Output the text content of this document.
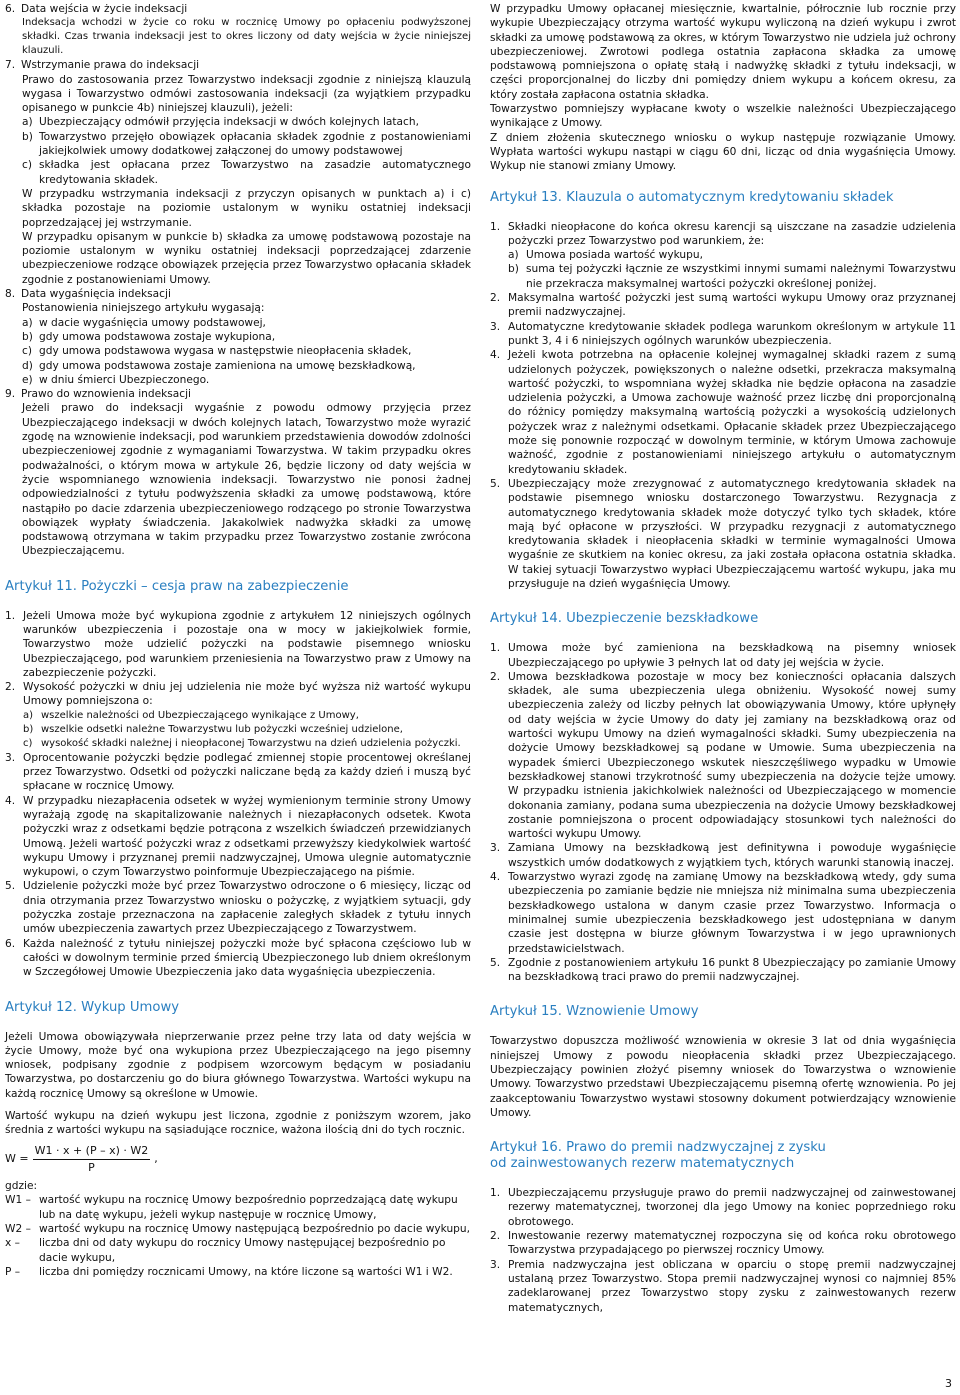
6. Data wejścia w życie indeksacji

Indeksacja wchodzi w życie co roku w rocznicę Umowy po opłaceniu podwyższonej składki. Czas trwania indeksacji jest to okres liczony od daty wejścia w życie niniejszej klauzuli.

7. Wstrzymanie prawa do indeksacji

Prawo do zastosowania przez Towarzystwo indeksacji zgodnie z niniejszą klauzulą wygasa i Towarzystwo odmówi zastosowania indeksacji (za wyjątkiem przypadku opisanego w punkcie 4b) niniejszej klauzuli), jeżeli:

a) Ubezpieczający odmówił przyjęcia indeksacji w dwóch kolejnych latach,
b) Towarzystwo przejęło obowiązek opłacania składek zgodnie z postanowieniami jakiejkolwiek umowy dodatkowej załączonej do umowy podstawowej
c) składka jest opłacana przez Towarzystwo na zasadzie automatycznego kredytowania składek.

W przypadku wstrzymania indeksacji z przyczyn opisanych w punktach a) i c) składka pozostaje na poziomie ustalonym w wyniku ostatniej indeksacji poprzedzającej jej wstrzymanie.

W przypadku opisanym w punkcie b) składka za umowę podstawową pozostaje na poziomie ustalonym w wyniku ostatniej indeksacji poprzedzającej zdarzenie ubezpieczeniowe rodzące obowiązek przejęcia przez Towarzystwo opłacania składek zgodnie z postanowieniami Umowy.

8. Data wygaśnięcia indeksacji

Postanowienia niniejszego artykułu wygasają:

a) w dacie wygaśnięcia umowy podstawowej,
b) gdy umowa podstawowa zostaje wykupiona,
c) gdy umowa podstawowa wygasa w następstwie nieopłacenia składek,
d) gdy umowa podstawowa zostaje zamieniona na umowę bezskładkową,
e) w dniu śmierci Ubezpieczonego.
9. Prawo do wznowienia indeksacji

Jeżeli prawo do indeksacji wygaśnie z powodu odmowy przyjęcia przez Ubezpieczającego indeksacji w dwóch kolejnych latach, Towarzystwo może wyrazić zgodę na wznowienie indeksacji, pod warunkiem przedstawienia dowodów zdolności ubezpieczeniowej zgodnie z wymaganiami Towarzystwa. W takim przypadku okres podważalności, o którym mowa w artykule 26, będzie liczony od daty wejścia w życie wspomnianego wznowienia indeksacji. Towarzystwo nie ponosi żadnej odpowiedzialności z tytułu podwyższenia składki za umowę podstawową, które nastąpiło po dacie zdarzenia ubezpieczeniowego rodzącego po stronie Towarzystwa obowiązek wypłaty świadczenia. Jakakolwiek nadwyżka składki za umowę podstawową otrzymana w takim przypadku przez Towarzystwo zostanie zwrócona Ubezpieczającemu.

Artykuł 11. Pożyczki – cesja praw na zabezpieczenie
1. Jeżeli Umowa może być wykupiona zgodnie z artykułem 12 niniejszych ogólnych warunków ubezpieczenia i pozostaje ona w mocy w jakiejkolwiek formie, Towarzystwo może udzielić pożyczki na podstawie pisemnego wniosku Ubezpieczającego, pod warunkiem przeniesienia na Towarzystwo praw z Umowy na zabezpieczenie pożyczki.
2. Wysokość pożyczki w dniu jej udzielenia nie może być wyższa niż wartość wykupu Umowy pomniejszona o:
a) wszelkie należności od Ubezpieczającego wynikające z Umowy,
b) wszelkie odsetki należne Towarzystwu lub pożyczki wcześniej udzielone,
c) wysokość składki należnej i nieopłaconej Towarzystwu na dzień udzielenia pożyczki.
3. Oprocentowanie pożyczki będzie podlegać zmiennej stopie procentowej określanej przez Towarzystwo. Odsetki od pożyczki naliczane będą za każdy dzień i muszą być spłacane w rocznicę Umowy.
4. W przypadku niezapłacenia odsetek w wyżej wymienionym terminie strony Umowy wyrażają zgodę na skapitalizowanie należnych i niezapłaconych odsetek. Kwota pożyczki wraz z odsetkami będzie potrącona z wszelkich świadczeń przewidzianych Umową. Jeżeli wartość pożyczki wraz z odsetkami przewyższy kiedykolwiek wartość wykupu Umowy i przyznanej premii nadzwyczajnej, Umowa ulegnie automatycznie wykupowi, o czym Towarzystwo poinformuje Ubezpieczającego na piśmie.
5. Udzielenie pożyczki może być przez Towarzystwo odroczone o 6 miesięcy, licząc od dnia otrzymania przez Towarzystwo wniosku o pożyczkę, z wyjątkiem sytuacji, gdy pożyczka zostaje przeznaczona na zapłacenie zaległych składek z tytułu innych umów ubezpieczenia zawartych przez Ubezpieczającego z Towarzystwem.
6. Każda należność z tytułu niniejszej pożyczki może być spłacona częściowo lub w całości w dowolnym terminie przed śmiercią Ubezpieczonego lub dniem określonym w Szczegółowej Umowie Ubezpieczenia jako data wygaśnięcia ubezpieczenia.
Artykuł 12. Wykup Umowy

Jeżeli Umowa obowiązywała nieprzerwanie przez pełne trzy lata od daty wejścia w życie Umowy, może być ona wykupiona przez Ubezpieczającego na jego pisemny wniosek, podpisany zgodnie z podpisem wzorcowym będącym w posiadaniu Towarzystwa, po dostarczeniu go do biura głównego Towarzystwa. Wartości wykupu na każdą rocznicę Umowy są określone w Umowie.

Wartość wykupu na dzień wykupu jest liczona, zgodnie z poniższym wzorem, jako średnia z wartości wykupu na sąsiadujące rocznice, ważona ilością dni do tych rocznic.

$W = \frac{W1 \cdot x + (P - x) \cdot W2}{P}$ ,

gdzie:

W1 – wartość wykupu na rocznicę Umowy bezpośrednio poprzedzającą datę wykupu lub na datę wykupu, jeżeli wykup następuje w rocznicę Umowy,
W2 – wartość wykupu na rocznicę Umowy następującą bezpośrednio po dacie wykupu,
x –	liczba dni od daty wykupu do rocznicy Umowy następującej bezpośrednio po dacie wykupu,
P –	liczba dni pomiędzy rocznicami Umowy, na które liczone są wartości W1 i W2.

W przypadku Umowy opłacanej miesięcznie, kwartalnie, półrocznie lub rocznie przy wykupie Ubezpieczający otrzyma wartość wykupu wyliczoną na dzień wykupu i zwrot składki za umowę podstawową za okres, w którym Towarzystwo nie udziela już ochrony ubezpieczeniowej. Zwrotowi podlega ostatnia zapłacona składka za umowę podstawową pomniejszona o opłatę stałą i nadwyżkę składki z tytułu indeksacji, w części proporcjonalnej do liczby dni pomiędzy dniem wykupu a końcem okresu, za który została zapłacona ostatnia składka.

Towarzystwo pomniejszy wypłacane kwoty o wszelkie należności Ubezpieczającego wynikające z Umowy.

Z dniem złożenia skutecznego wniosku o wykup następuje rozwiązanie Umowy. Wypłata wartości wykupu nastąpi w ciągu 60 dni, licząc od dnia wygaśnięcia Umowy. Wykup nie stanowi zmiany Umowy.

Artykuł 13. Klauzula o automatycznym kredytowaniu składek
1. Składki nieopłacone do końca okresu karencji są uiszczane na zasadzie udzielenia pożyczki przez Towarzystwo pod warunkiem, że:
a) Umowa posiada wartość wykupu,
b) suma tej pożyczki łącznie ze wszystkimi innymi sumami należnymi Towarzystwu nie przekracza maksymalnej wartości pożyczki określonej poniżej.
2. Maksymalna wartość pożyczki jest sumą wartości wykupu Umowy oraz przyznanej premii nadzwyczajnej.
3. Automatyczne kredytowanie składek podlega warunkom określonym w artykule 11 punkt 3, 4 i 6 niniejszych ogólnych warunków ubezpieczenia.
4. Jeżeli kwota potrzebna na opłacenie kolejnej wymagalnej składki razem z sumą udzielonych pożyczek, powiększonych o należne odsetki, przekracza maksymalną wartość pożyczki, to wspomniana wyżej składka nie będzie opłacona na zasadzie udzielenia pożyczki, a Umowa zachowuje ważność przez liczbę dni proporcjonalną do różnicy pomiędzy maksymalną wartością pożyczki a wysokością udzielonych pożyczek wraz z należnymi odsetkami. Opłacanie składek przez Ubezpieczającego może się ponownie rozpocząć w dowolnym terminie, w którym Umowa zachowuje ważność, zgodnie z postanowieniami niniejszego artykułu o automatycznym kredytowaniu składek.
5. Ubezpieczający może zrezygnować z automatycznego kredytowania składek na podstawie pisemnego wniosku dostarczonego Towarzystwu. Rezygnacja z automatycznego kredytowania składek może dotyczyć tylko tych składek, które mają być opłacone w przyszłości. W przypadku rezygnacji z automatycznego kredytowania składek i nieopłacenia składki w terminie wymagalności Umowa wygaśnie ze skutkiem na koniec okresu, za jaki została opłacona ostatnia składka. W takiej sytuacji Towarzystwo wypłaci Ubezpieczającemu wartość wykupu, jaka mu przysługuje na dzień wygaśnięcia Umowy.
Artykuł 14. Ubezpieczenie bezskładkowe
1. Umowa może być zamieniona na bezskładkową na pisemny wniosek Ubezpieczającego po upływie 3 pełnych lat od daty jej wejścia w życie.
2. Umowa bezskładkowa pozostaje w mocy bez konieczności opłacania dalszych składek, ale suma ubezpieczenia ulega obniżeniu. Wysokość nowej sumy ubezpieczenia zależy od liczby pełnych lat obowiązywania Umowy, które upłynęły od daty wejścia w życie Umowy do daty jej zamiany na bezskładkową oraz od wartości wykupu Umowy na dzień wymagalności składki. Sumy ubezpieczenia na dożycie Umowy bezskładkowej są podane w Umowie. Suma ubezpieczenia na wypadek śmierci Ubezpieczonego wskutek nieszczęśliwego wypadku w Umowie bezskładkowej stanowi trzykrotność sumy ubezpieczenia na dożycie tejże umowy. W przypadku istnienia jakichkolwiek należności od Ubezpieczającego w momencie dokonania zamiany, podana suma ubezpieczenia na dożycie Umowy bezskładkowej zostanie pomniejszona o procent odpowiadający stosunkowi tych należności do wartości wykupu Umowy.
3. Zamiana Umowy na bezskładkową jest definitywna i powoduje wygaśnięcie wszystkich umów dodatkowych z wyjątkiem tych, których warunki stanowią inaczej.
4. Towarzystwo wyrazi zgodę na zamianę Umowy na bezskładkową wtedy, gdy suma ubezpieczenia po zamianie będzie nie mniejsza niż minimalna suma ubezpieczenia bezskładkowego ustalona w danym czasie przez Towarzystwo. Informacja o minimalnej sumie ubezpieczenia bezskładkowego jest udostępniana w danym czasie jest dostępna w biurze głównym Towarzystwa i w jego uprawnionych przedstawicielstwach.
5. Zgodnie z postanowieniem artykułu 16 punkt 8 Ubezpieczający po zamianie Umowy na bezskładkową traci prawo do premii nadzwyczajnej.
Artykuł 15. Wznowienie Umowy

Towarzystwo dopuszcza możliwość wznowienia w okresie 3 lat od dnia wygaśnięcia niniejszej Umowy z powodu nieopłacenia składki przez Ubezpieczającego. Ubezpieczający powinien złożyć pisemny wniosek do Towarzystwa o wznowienie Umowy. Towarzystwo przedstawi Ubezpieczającemu pisemną ofertę wznowienia. Po jej zaakceptowaniu Towarzystwo wystawi stosowny dokument potwierdzający wznowienie Umowy.

Artykuł 16. Prawo do premii nadzwyczajnej z zysku
od zainwestowanych rezerw matematycznych
1. Ubezpieczającemu przysługuje prawo do premii nadzwyczajnej od zainwestowanej rezerwy matematycznej, tworzonej dla jego Umowy na koniec poprzedniego roku obrotowego.
2. Inwestowanie rezerwy matematycznej rozpoczyna się od końca roku obrotowego Towarzystwa przypadającego po pierwszej rocznicy Umowy.
3. Premia nadzwyczajna jest obliczana w oparciu o stopę premii nadzwyczajnej ustalaną przez Towarzystwo. Stopa premii nadzwyczajnej wynosi co najmniej 85% zadeklarowanej przez Towarzystwo stopy zysku z zainwestowanych rezerw matematycznych,
3
